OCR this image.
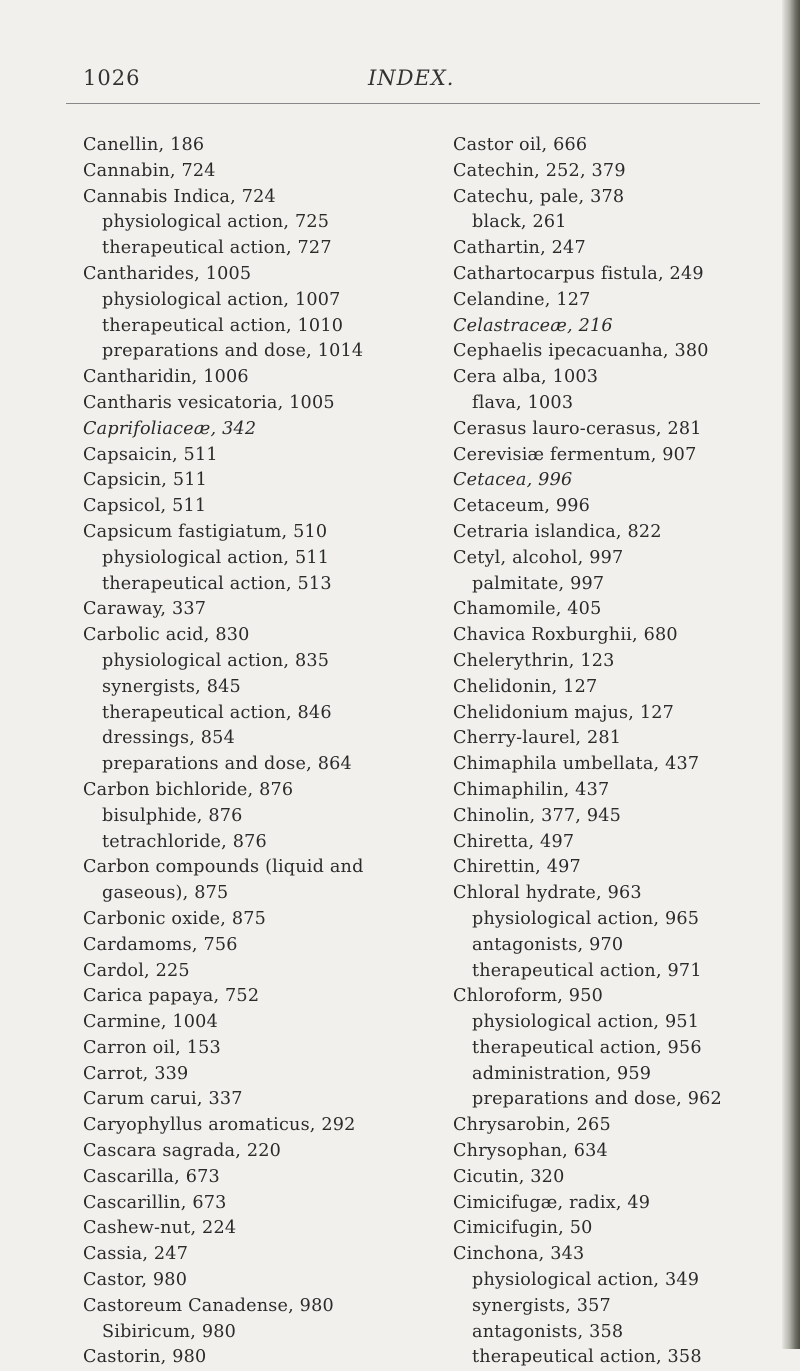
1026	INDEX.
Canellin, 186
Cannabin, 724
Cannabis Indica, 724
physiological action, 725
therapeutical action, 727
Cantharides, 1005
physiological action, 1007
therapeutical action, 1010
preparations and dose, 1014
Cantharidin, 1006
Cantharis vesicatoria, 1005
Caprifoliaceæ, 342
Capsaicin, 511
Capsicin, 511
Capsicol, 511
Capsicum fastigiatum, 510
physiological action, 511
therapeutical action, 513
Caraway, 337
Carbolic acid, 830
physiological action, 835
synergists, 845
therapeutical action, 846
dressings, 854
preparations and dose, 864
Carbon bichloride, 876
bisulphide, 876
tetrachloride, 876
Carbon compounds (liquid and
gaseous), 875
Carbonic oxide, 875
Cardamoms, 756
Cardol, 225
Carica papaya, 752
Carmine, 1004
Carron oil, 153
Carrot, 339
Carum carui, 337
Caryophyllus aromaticus, 292
Cascara sagrada, 220
Cascarilla, 673
Cascarillin, 673
Cashew-nut, 224
Cassia, 247
Castor, 980
Castoreum Canadense, 980
Sibiricum, 980
Castorin, 980
Castor oil, 666
Catechin, 252, 379
Catechu, pale, 378
black, 261
Cathartin, 247
Cathartocarpus fistula, 249
Celandine, 127
Celastraceæ, 216
Cephaelis ipecacuanha, 380
Cera alba, 1003
flava, 1003
Cerasus lauro-cerasus, 281
Cerevisiæ fermentum, 907
Cetacea, 996
Cetaceum, 996
Cetraria islandica, 822
Cetyl, alcohol, 997
palmitate, 997
Chamomile, 405
Chavica Roxburghii, 680
Chelerythrin, 123
Chelidonin, 127
Chelidonium majus, 127
Cherry-laurel, 281
Chimaphila umbellata, 437
Chimaphilin, 437
Chinolin, 377, 945
Chiretta, 497
Chirettin, 497
Chloral hydrate, 963
physiological action, 965
antagonists, 970
therapeutical action, 971
Chloroform, 950
physiological action, 951
therapeutical action, 956
administration, 959
preparations and dose, 962
Chrysarobin, 265
Chrysophan, 634
Cicutin, 320
Cimicifugæ, radix, 49
Cimicifugin, 50
Cinchona, 343
physiological action, 349
synergists, 357
antagonists, 358
therapeutical action, 358
